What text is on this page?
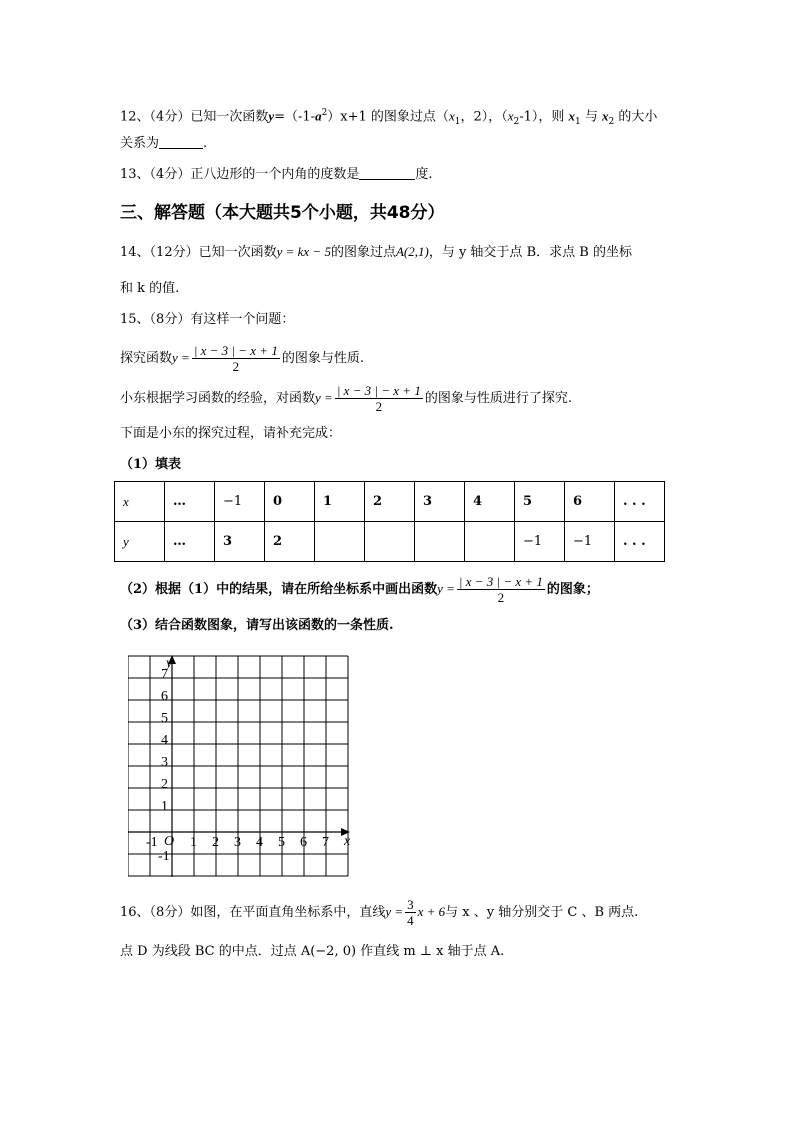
12、（4分）已知一次函数$y=(-1-a^2)x+1$ 的图象过点（$x_1$，2），$(x_2-1)$，则 $x_1$ 与 $x_2$ 的大小
关系为	.
13、（4分）正八边形的一个内角的度数是	度.
三、解答题（本大题共5个小题，共48分）
14、（12分）已知一次函数y = kx − 5的图象过点A(2,1)，与 y 轴交于点 B．求点 B 的坐标
和 k 的值.
15、（8分）有这样一个问题：
探究函数$y = \frac{| x - 3 | - x + 1}{2}$ 的图象与性质.
小东根据学习函数的经验，对函数$y = \frac{| x - 3 | - x + 1}{2}$ 的图象与性质进行了探究.
下面是小东的探究过程，请补充完成：
（1）填表
x	…	−1	0	1	2	3	4	5	6	. . .
y	…	3	2					−1	−1	. . .
（2）根据（1）中的结果，请在所给坐标系中画出函数$y = \frac{| x - 3 | - x + 1}{2}$ 的图象；
（3）结合函数图象，请写出该函数的一条性质.
x
y
O
-1 1 2 3 4 5 6 7
7
6
5
4
3
2
1
-1
16、（8分）如图，在平面直角坐标系中，直线$y = \frac{3}{4}$ x + 6与 x 、y 轴分别交于 C 、B 两点.
点 D 为线段 BC 的中点．过点 A(−2, 0) 作直线 m ⊥ x 轴于点 A.
